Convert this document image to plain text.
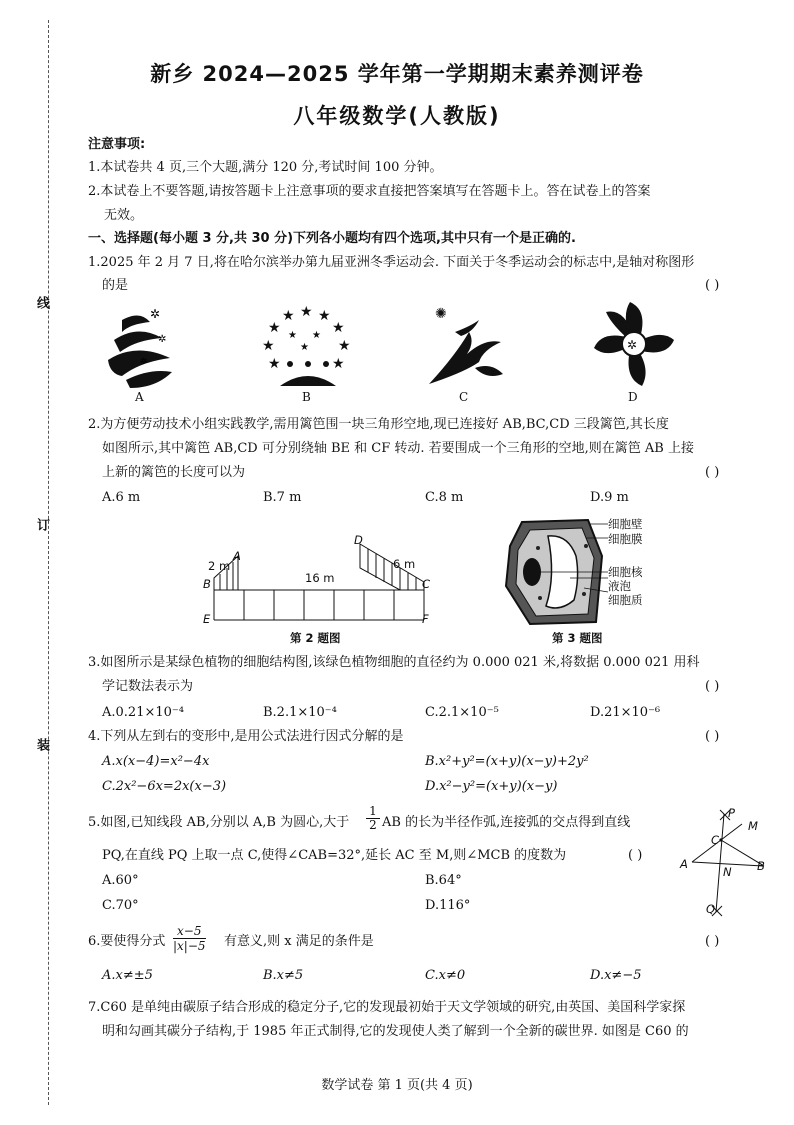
线
订
装
新乡 2024—2025 学年第一学期期末素养测评卷
八年级数学(人教版)
注意事项:
1.本试卷共 4 页,三个大题,满分 120 分,考试时间 100 分钟。
2.本试卷上不要答题,请按答题卡上注意事项的要求直接把答案填写在答题卡上。答在试卷上的答案
无效。
一、选择题(每小题 3 分,共 30 分)下列各小题均有四个选项,其中只有一个是正确的.
1.2025 年 2 月 7 日,将在哈尔滨举办第九届亚洲冬季运动会. 下面关于冬季运动会的标志中,是轴对称图形
的是	( )
✲
✲
✲
★ ★
★
★
★
★
★
★
★
★ ★
★
✺
✲
A	B	C	D
2.为方便劳动技术小组实践教学,需用篱笆围一块三角形空地,现已连接好 AB,BC,CD 三段篱笆,其长度
如图所示,其中篱笆 AB,CD 可分别绕轴 BE 和 CF 转动. 若要围成一个三角形的空地,则在篱笆 AB 上接
上新的篱笆的长度可以为	( )
A.6 m	B.7 m	C.8 m	D.9 m
2 m
A
B	C
D
E	F
16 m
6 m
第 2 题图
细胞壁
细胞膜
细胞核
液泡
细胞质
第 3 题图
3.如图所示是某绿色植物的细胞结构图,该绿色植物细胞的直径约为 0.000 021 米,将数据 0.000 021 用科
学记数法表示为	( )
A.0.21×10⁻⁴	B.2.1×10⁻⁴	C.2.1×10⁻⁵	D.21×10⁻⁶
4.下列从左到右的变形中,是用公式法进行因式分解的是	( )
A.x(x−4)=x²−4x	B.x²+y²=(x+y)(x−y)+2y²
C.2x²−6x=2x(x−3)	D.x²−y²=(x+y)(x−y)
5.如图,已知线段 AB,分别以 A,B 为圆心,大于 $\frac{1}{2}$ AB 的长为半径作弧,连接弧的交点得到直线
PQ,在直线 PQ 上取一点 C,使得∠CAB=32°,延长 AC 至 M,则∠MCB 的度数为	( )
A.60°	B.64°
C.70°	D.116°
P
M
C
A
N B
Q
6.要使得分式 $\frac{x-5}{|x|-5}$ 有意义,则 x 满足的条件是	( )
A.x≠±5	B.x≠5	C.x≠0	D.x≠−5
7.C60 是单纯由碳原子结合形成的稳定分子,它的发现最初始于天文学领域的研究,由英国、美国科学家探
明和勾画其碳分子结构,于 1985 年正式制得,它的发现使人类了解到一个全新的碳世界. 如图是 C60 的
数学试卷 第 1 页(共 4 页)
